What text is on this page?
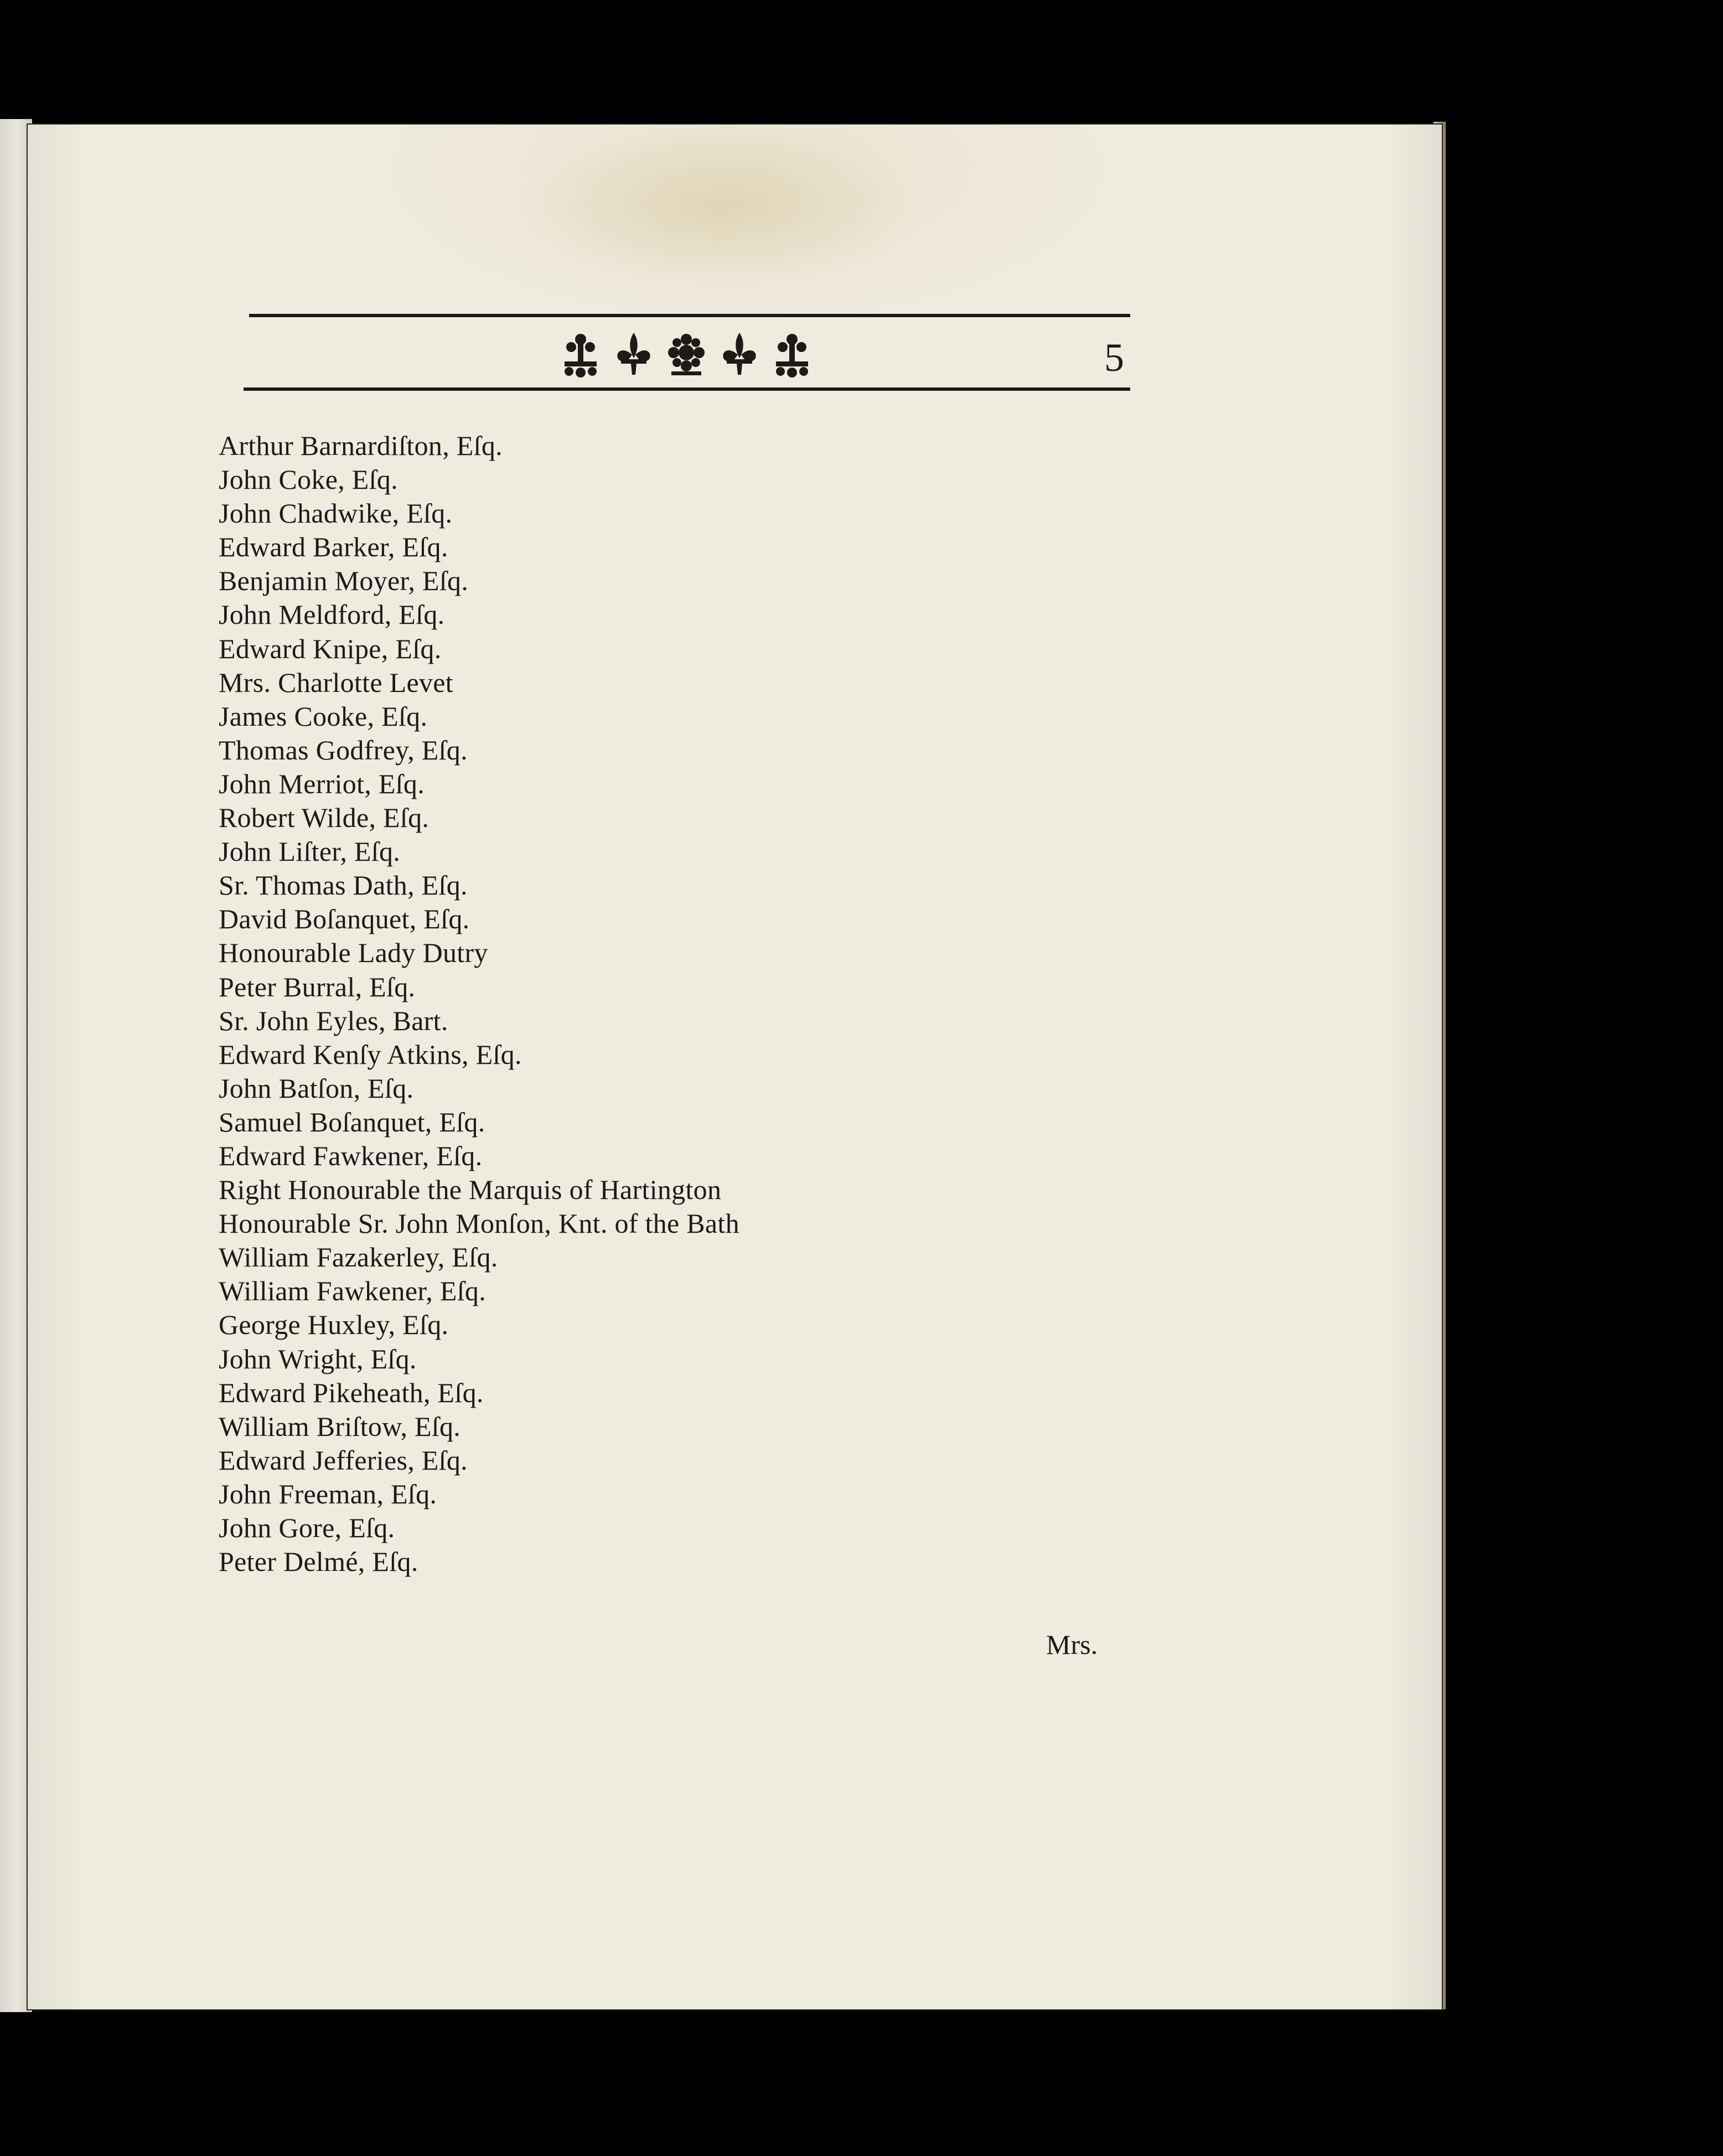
5
Arthur Barnardiſton, Eſq.
John Coke, Eſq.
John Chadwike, Eſq.
Edward Barker, Eſq.
Benjamin Moyer, Eſq.
John Meldford, Eſq.
Edward Knipe, Eſq.
Mrs. Charlotte Levet
James Cooke, Eſq.
Thomas Godfrey, Eſq.
John Merriot, Eſq.
Robert Wilde, Eſq.
John Liſter, Eſq.
Sr. Thomas Dath, Eſq.
David Boſanquet, Eſq.
Honourable Lady Dutry
Peter Burral, Eſq.
Sr. John Eyles, Bart.
Edward Kenſy Atkins, Eſq.
John Batſon, Eſq.
Samuel Boſanquet, Eſq.
Edward Fawkener, Eſq.
Right Honourable the Marquis of Hartington
Honourable Sr. John Monſon, Knt. of the Bath
William Fazakerley, Eſq.
William Fawkener, Eſq.
George Huxley, Eſq.
John Wright, Eſq.
Edward Pikeheath, Eſq.
William Briſtow, Eſq.
Edward Jefferies, Eſq.
John Freeman, Eſq.
John Gore, Eſq.
Peter Delmé, Eſq.
Mrs.
